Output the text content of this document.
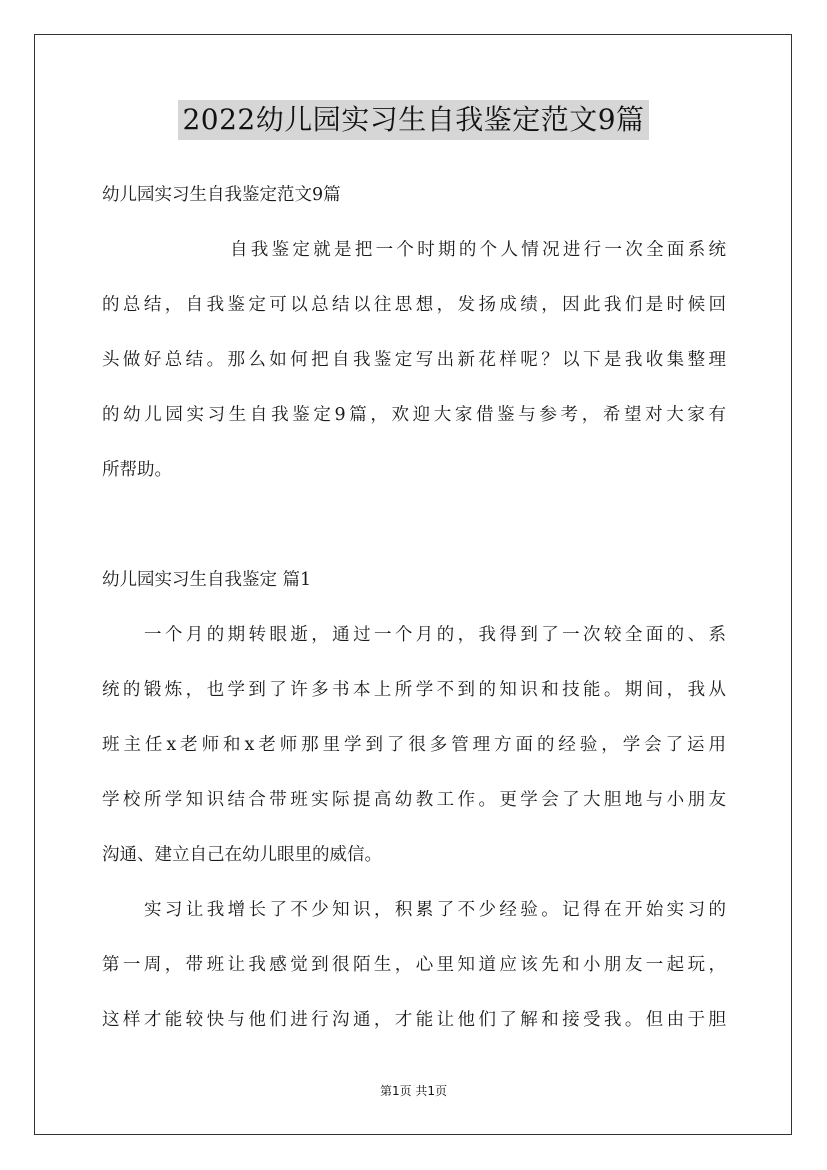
2022幼儿园实习生自我鉴定范文9篇
幼儿园实习生自我鉴定范文9篇
自我鉴定就是把一个时期的个人情况进行一次全面系统
的总结，自我鉴定可以总结以往思想，发扬成绩，因此我们是时候回
头做好总结。那么如何把自我鉴定写出新花样呢？以下是我收集整理
的幼儿园实习生自我鉴定9篇，欢迎大家借鉴与参考，希望对大家有
所帮助。
幼儿园实习生自我鉴定 篇1
一个月的期转眼逝，通过一个月的，我得到了一次较全面的、系
统的锻炼，也学到了许多书本上所学不到的知识和技能。期间，我从
班主任x老师和x老师那里学到了很多管理方面的经验，学会了运用
学校所学知识结合带班实际提高幼教工作。更学会了大胆地与小朋友
沟通、建立自己在幼儿眼里的威信。
实习让我增长了不少知识，积累了不少经验。记得在开始实习的
第一周，带班让我感觉到很陌生，心里知道应该先和小朋友一起玩，
这样才能较快与他们进行沟通，才能让他们了解和接受我。但由于胆
第1页 共1页
